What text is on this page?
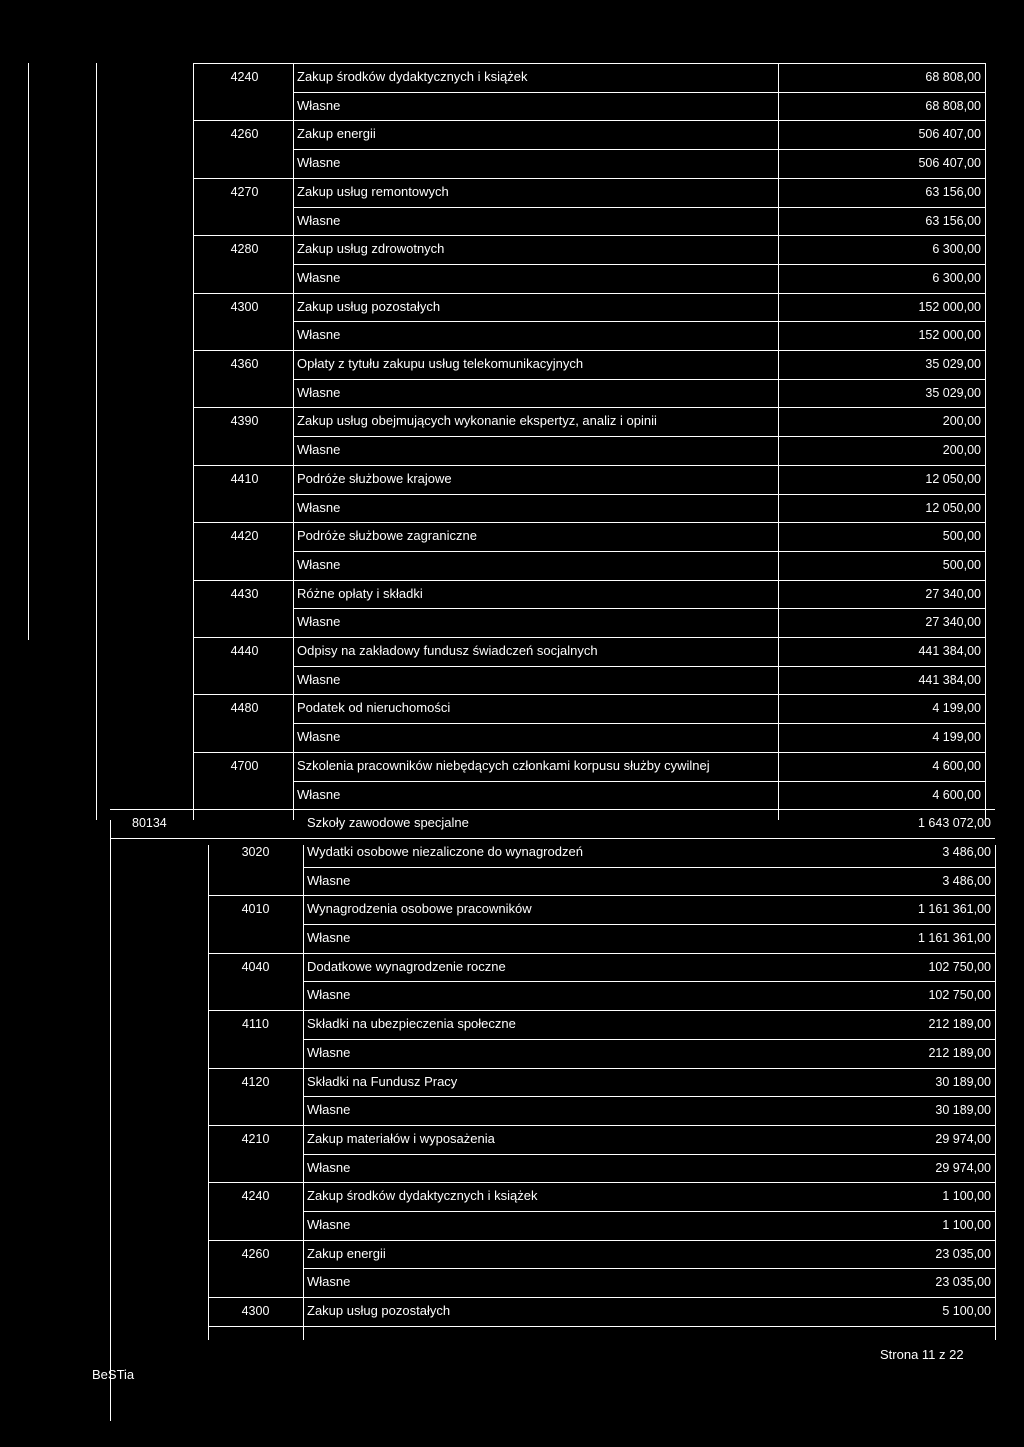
4240	Zakup środków dydaktycznych i książek	68 808,00
Własne	68 808,00
4260	Zakup energii	506 407,00
Własne	506 407,00
4270	Zakup usług remontowych	63 156,00
Własne	63 156,00
4280	Zakup usług zdrowotnych	6 300,00
Własne	6 300,00
4300	Zakup usług pozostałych	152 000,00
Własne	152 000,00
4360	Opłaty z tytułu zakupu usług telekomunikacyjnych	35 029,00
Własne	35 029,00
4390	Zakup usług obejmujących wykonanie ekspertyz, analiz i opinii	200,00
Własne	200,00
4410	Podróże służbowe krajowe	12 050,00
Własne	12 050,00
4420	Podróże służbowe zagraniczne	500,00
Własne	500,00
4430	Różne opłaty i składki	27 340,00
Własne	27 340,00
4440	Odpisy na zakładowy fundusz świadczeń socjalnych	441 384,00
Własne	441 384,00
4480	Podatek od nieruchomości	4 199,00
Własne	4 199,00
4700	Szkolenia pracowników niebędących członkami korpusu służby cywilnej	4 600,00
Własne	4 600,00
80134	Szkoły zawodowe specjalne	1 643 072,00
3020	Wydatki osobowe niezaliczone do wynagrodzeń	3 486,00
Własne	3 486,00
4010	Wynagrodzenia osobowe pracowników	1 161 361,00
Własne	1 161 361,00
4040	Dodatkowe wynagrodzenie roczne	102 750,00
Własne	102 750,00
4110	Składki na ubezpieczenia społeczne	212 189,00
Własne	212 189,00
4120	Składki na Fundusz Pracy	30 189,00
Własne	30 189,00
4210	Zakup materiałów i wyposażenia	29 974,00
Własne	29 974,00
4240	Zakup środków dydaktycznych i książek	1 100,00
Własne	1 100,00
4260	Zakup energii	23 035,00
Własne	23 035,00
4300	Zakup usług pozostałych	5 100,00
BeSTia
Strona 11 z 22
